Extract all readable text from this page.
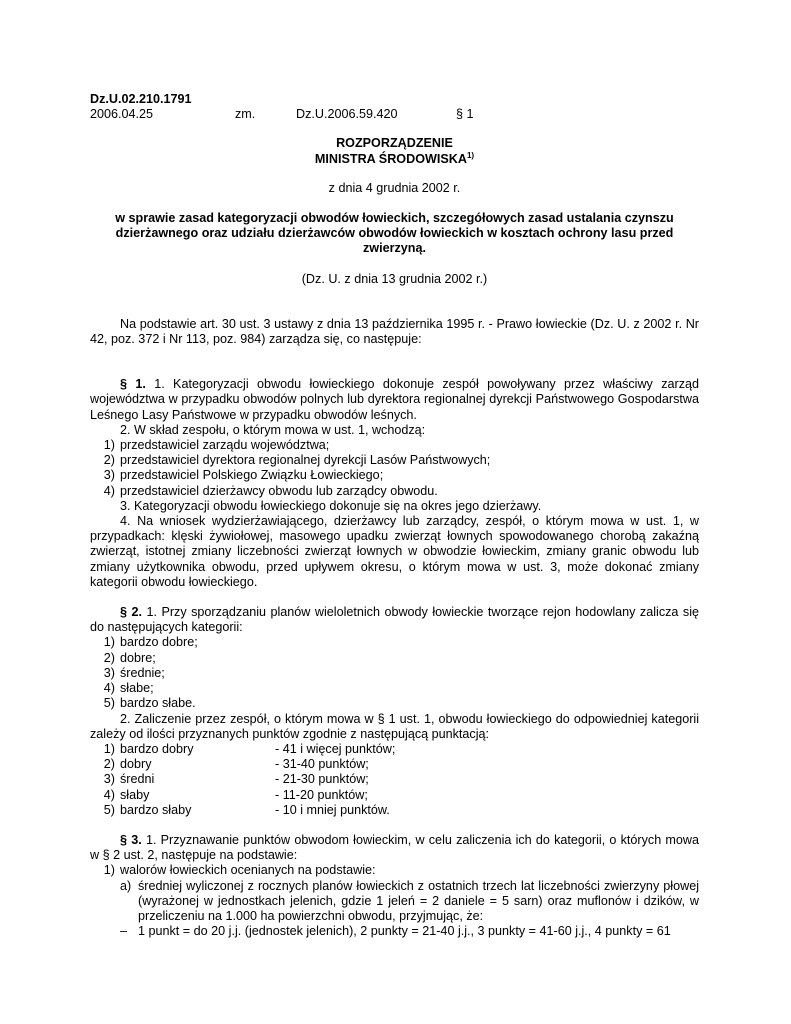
Dz.U.02.210.1791
2006.04.25	zm.	Dz.U.2006.59.420	§ 1
ROZPORZĄDZENIE
MINISTRA ŚRODOWISKA$^{1)}$
z dnia 4 grudnia 2002 r.
w sprawie zasad kategoryzacji obwodów łowieckich, szczegółowych zasad ustalania czynszu dzierżawnego oraz udziału dzierżawców obwodów łowieckich w kosztach ochrony lasu przed zwierzyną.
(Dz. U. z dnia 13 grudnia 2002 r.)
Na podstawie art. 30 ust. 3 ustawy z dnia 13 października 1995 r. - Prawo łowieckie (Dz. U. z 2002 r. Nr 42, poz. 372 i Nr 113, poz. 984) zarządza się, co następuje:
§ 1. 1. Kategoryzacji obwodu łowieckiego dokonuje zespół powoływany przez właściwy zarząd województwa w przypadku obwodów polnych lub dyrektora regionalnej dyrekcji Państwowego Gospodarstwa Leśnego Lasy Państwowe w przypadku obwodów leśnych.
2. W skład zespołu, o którym mowa w ust. 1, wchodzą:
1) przedstawiciel zarządu województwa;
2) przedstawiciel dyrektora regionalnej dyrekcji Lasów Państwowych;
3) przedstawiciel Polskiego Związku Łowieckiego;
4) przedstawiciel dzierżawcy obwodu lub zarządcy obwodu.
3. Kategoryzacji obwodu łowieckiego dokonuje się na okres jego dzierżawy.
4. Na wniosek wydzierżawiającego, dzierżawcy lub zarządcy, zespół, o którym mowa w ust. 1, w przypadkach: klęski żywiołowej, masowego upadku zwierząt łownych spowodowanego chorobą zakaźną zwierząt, istotnej zmiany liczebności zwierząt łownych w obwodzie łowieckim, zmiany granic obwodu lub zmiany użytkownika obwodu, przed upływem okresu, o którym mowa w ust. 3, może dokonać zmiany kategorii obwodu łowieckiego.
§ 2. 1. Przy sporządzaniu planów wieloletnich obwody łowieckie tworzące rejon hodowlany zalicza się do następujących kategorii:
1) bardzo dobre;
2) dobre;
3) średnie;
4) słabe;
5) bardzo słabe.
2. Zaliczenie przez zespół, o którym mowa w § 1 ust. 1, obwodu łowieckiego do odpowiedniej kategorii zależy od ilości przyznanych punktów zgodnie z następującą punktacją:
1) bardzo dobry	- 41 i więcej punktów;
2) dobry	- 31-40 punktów;
3) średni	- 21-30 punktów;
4) słaby	- 11-20 punktów;
5) bardzo słaby	- 10 i mniej punktów.
§ 3. 1. Przyznawanie punktów obwodom łowieckim, w celu zaliczenia ich do kategorii, o których mowa w § 2 ust. 2, następuje na podstawie:
1) walorów łowieckich ocenianych na podstawie:
a) średniej wyliczonej z rocznych planów łowieckich z ostatnich trzech lat liczebności zwierzyny płowej (wyrażonej w jednostkach jelenich, gdzie 1 jeleń = 2 daniele = 5 sarn) oraz muflonów i dzików, w przeliczeniu na 1.000 ha powierzchni obwodu, przyjmując, że:
– 1 punkt = do 20 j.j. (jednostek jelenich), 2 punkty = 21-40 j.j., 3 punkty = 41-60 j.j., 4 punkty = 61
